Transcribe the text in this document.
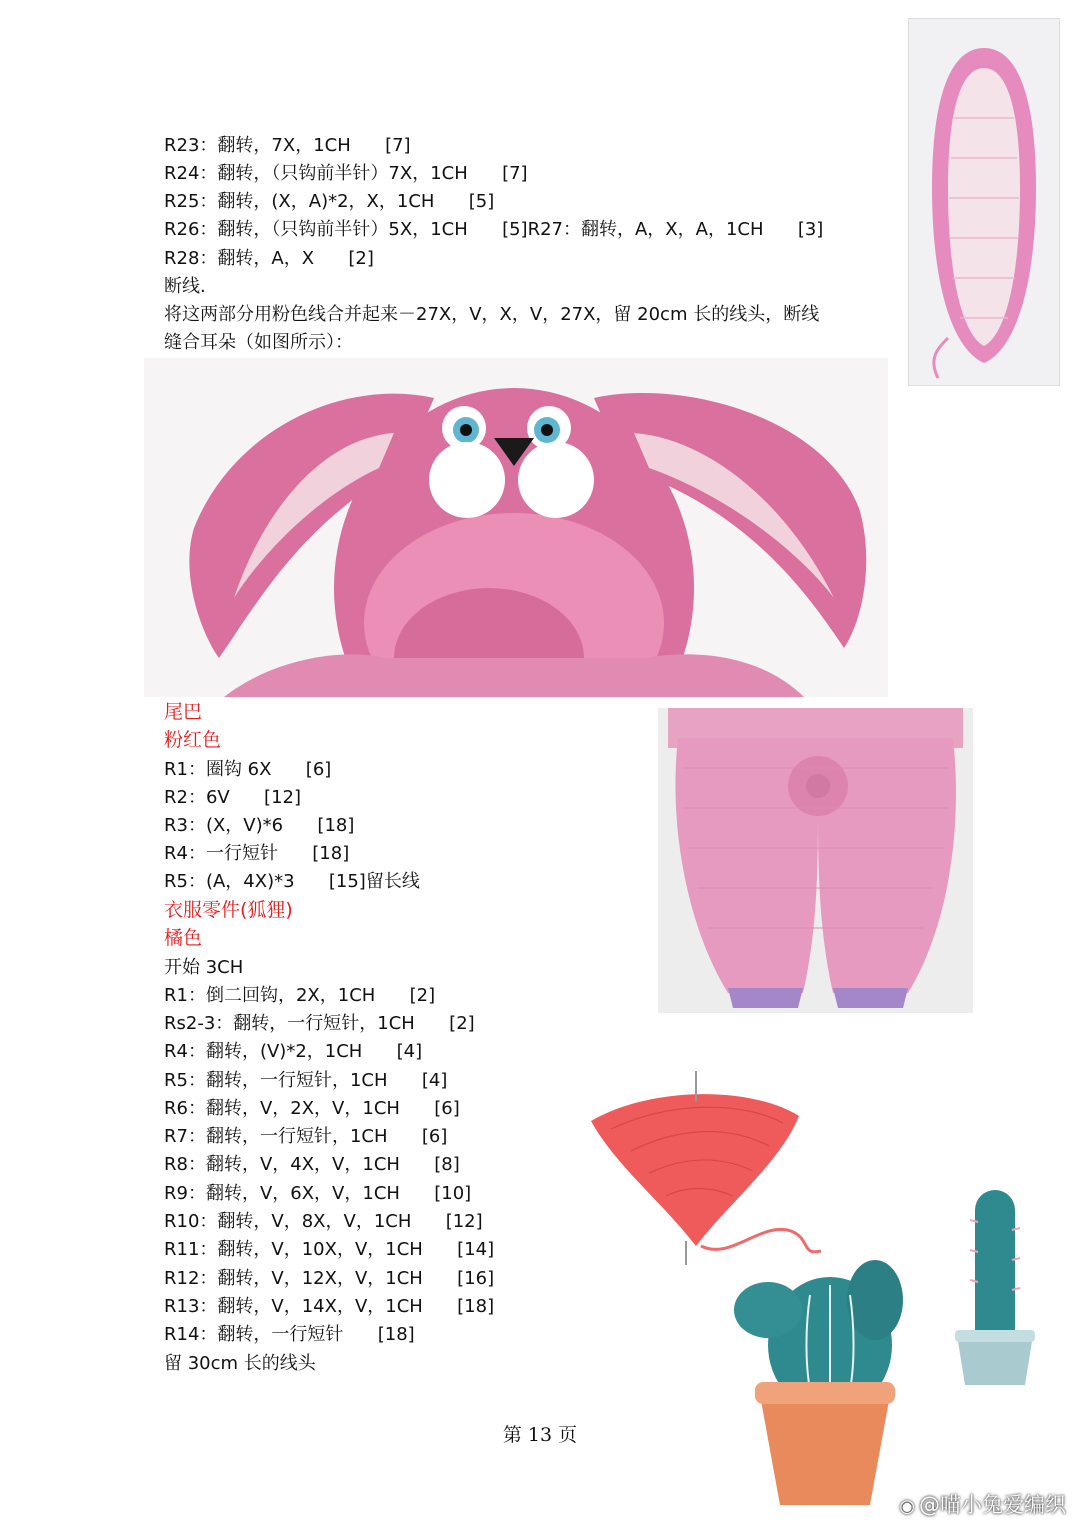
R23：翻转，7X，1CH      [7]
R24：翻转，（只钩前半针）7X，1CH      [7]
R25：翻转，(X，A)*2，X，1CH      [5]
R26：翻转，（只钩前半针）5X，1CH      [5]R27：翻转，A，X，A，1CH      [3]
R28：翻转，A，X      [2]
断线.
将这两部分用粉色线合并起来－27X，V，X，V，27X，留 20cm 长的线头，断线
缝合耳朵（如图所示）：
尾巴
粉红色
R1：圈钩 6X      [6]
R2：6V      [12]
R3：(X，V)*6      [18]
R4：一行短针      [18]
R5：(A，4X)*3      [15]留长线
衣服零件(狐狸)
橘色
开始 3CH
R1：倒二回钩，2X，1CH      [2]
Rs2-3：翻转，一行短针，1CH      [2]
R4：翻转，(V)*2，1CH      [4]
R5：翻转，一行短针，1CH      [4]
R6：翻转，V，2X，V，1CH      [6]
R7：翻转，一行短针，1CH      [6]
R8：翻转，V，4X，V，1CH      [8]
R9：翻转，V，6X，V，1CH      [10]
R10：翻转，V，8X，V，1CH      [12]
R11：翻转，V，10X，V，1CH      [14]
R12：翻转，V，12X，V，1CH      [16]
R13：翻转，V，14X，V，1CH      [18]
R14：翻转，一行短针      [18]
留 30cm 长的线头
第 13 页
◉ @喵小兔爱编织
